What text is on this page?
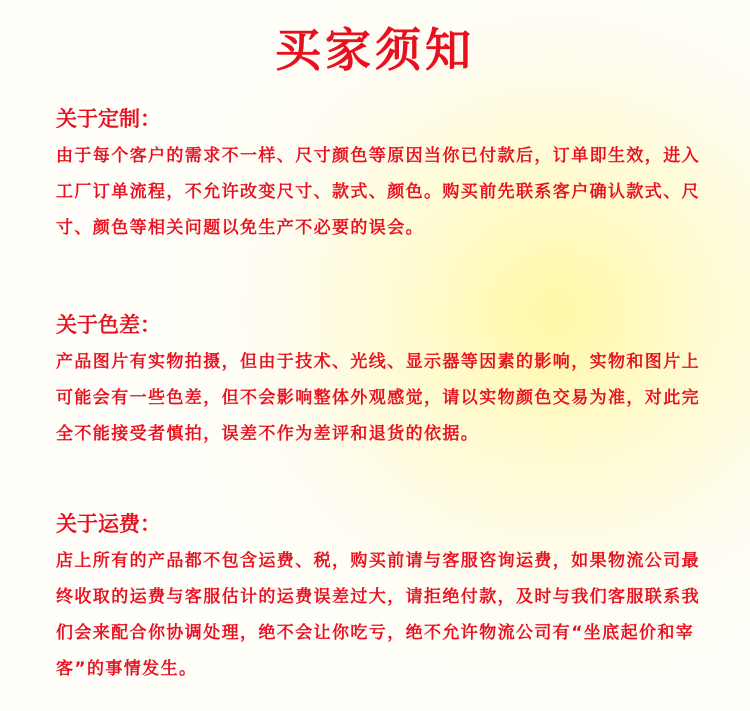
买家须知
关于定制：

由于每个客户的需求不一样、尺寸颜色等原因当你已付款后，订单即生效，进入工厂订单流程，不允许改变尺寸、款式、颜色。购买前先联系客户确认款式、尺寸、颜色等相关问题以免生产不必要的误会。

关于色差：

产品图片有实物拍摄，但由于技术、光线、显示器等因素的影响，实物和图片上可能会有一些色差，但不会影响整体外观感觉，请以实物颜色交易为准，对此完全不能接受者慎拍，误差不作为差评和退货的依据。

关于运费：

店上所有的产品都不包含运费、税，购买前请与客服咨询运费，如果物流公司最终收取的运费与客服估计的运费误差过大，请拒绝付款，及时与我们客服联系我们会来配合你协调处理，绝不会让你吃亏，绝不允许物流公司有“坐底起价和宰客”的事情发生。
